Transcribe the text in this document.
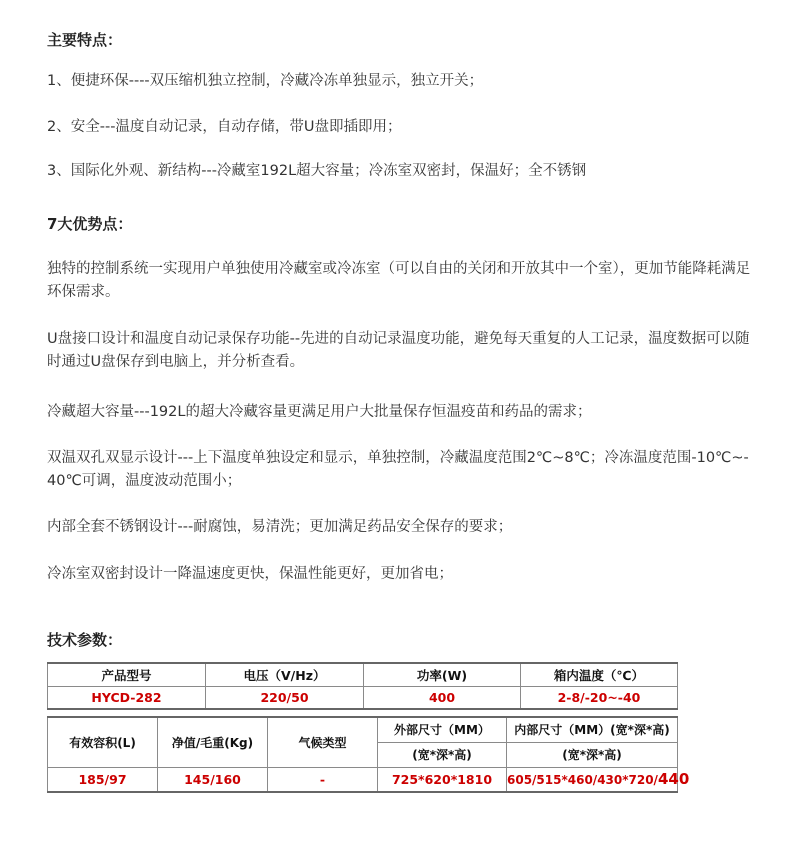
主要特点：

1、便捷环保----双压缩机独立控制，冷藏冷冻单独显示，独立开关；

2、安全---温度自动记录，自动存储，带U盘即插即用；

3、国际化外观、新结构---冷藏室192L超大容量；冷冻室双密封，保温好；全不锈钢

7大优势点：

独特的控制系统一实现用户单独使用冷藏室或冷冻室（可以自由的关闭和开放其中一个室），更加节能降耗满足环保需求。

U盘接口设计和温度自动记录保存功能--先进的自动记录温度功能，避免每天重复的人工记录，温度数据可以随时通过U盘保存到电脑上，并分析查看。

冷藏超大容量---192L的超大冷藏容量更满足用户大批量保存恒温疫苗和药品的需求；

双温双孔双显示设计---上下温度单独设定和显示，单独控制，冷藏温度范围2℃~8℃；冷冻温度范围-10℃~- 40℃可调，温度波动范围小；

内部全套不锈钢设计---耐腐蚀，易清洗；更加满足药品安全保存的要求；

冷冻室双密封设计一降温速度更快，保温性能更好，更加省电；

技术参数：
产品型号	电压（V/Hz）	功率(W)	箱内温度（℃）
HYCD-282	220/50	400	2-8/-20~-40
有效容积(L)	净值/毛重(Kg)	气候类型	外部尺寸（MM）	内部尺寸（MM）(宽*深*高)
			(宽*深*高)	(宽*深*高)
185/97	145/160	-	725*620*1810	605/515*460/430*720/440
